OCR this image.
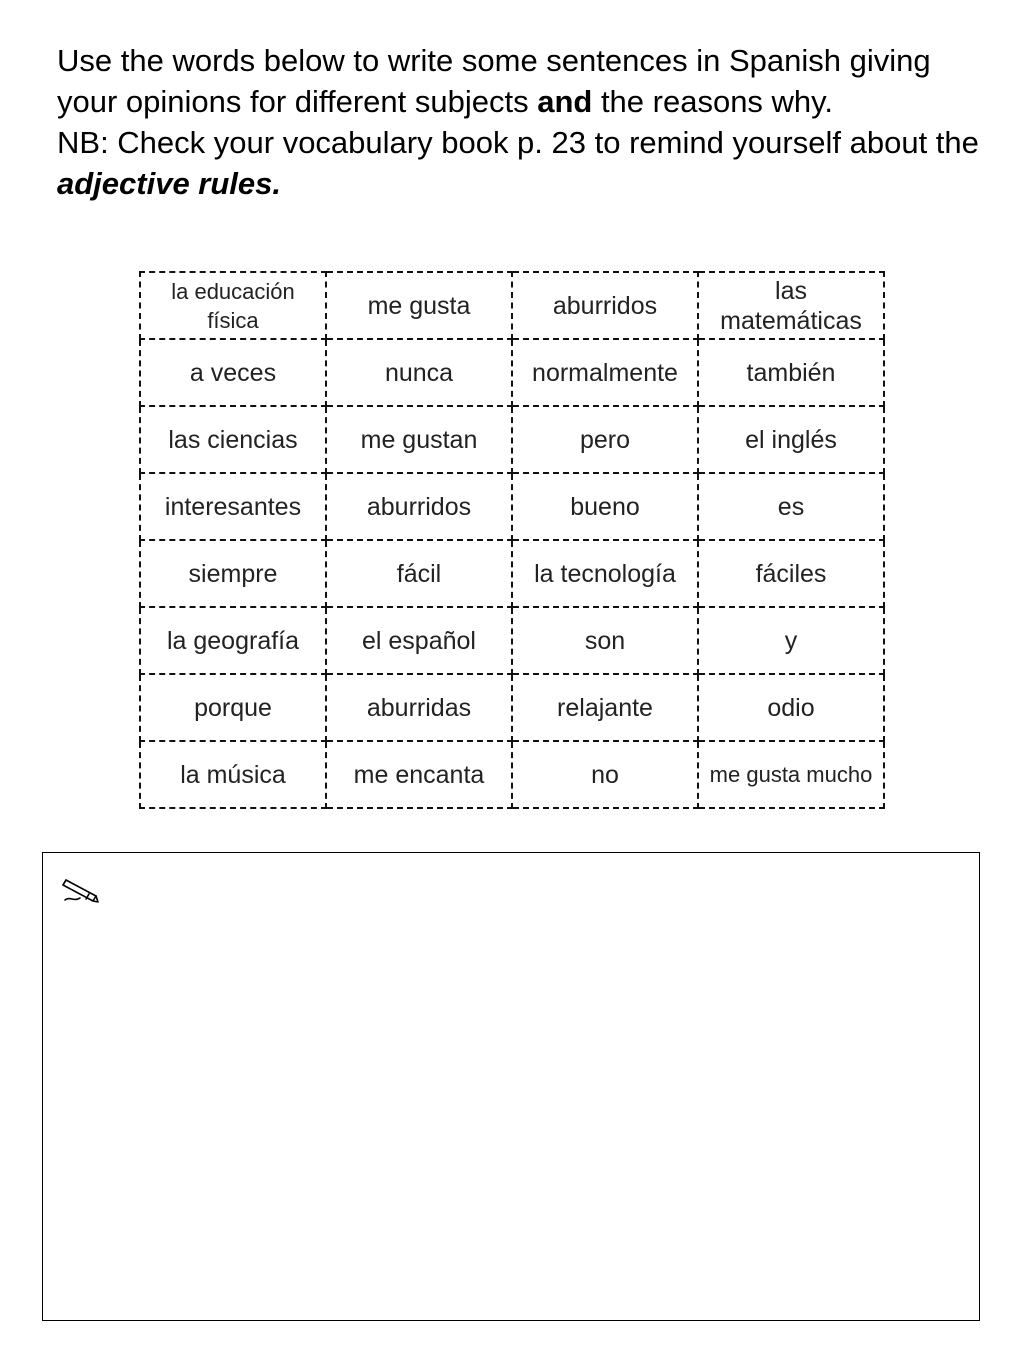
Use the words below to write some sentences in Spanish giving your opinions for different subjects and the reasons why.

NB: Check your vocabulary book p. 23 to remind yourself about the adjective rules.

la educación física	me gusta	aburridos	las matemáticas
a veces	nunca	normalmente	también
las ciencias	me gustan	pero	el inglés
interesantes	aburridos	bueno	es
siempre	fácil	la tecnología	fáciles
la geografía	el español	son	y
porque	aburridas	relajante	odio
la música	me encanta	no	me gusta mucho
